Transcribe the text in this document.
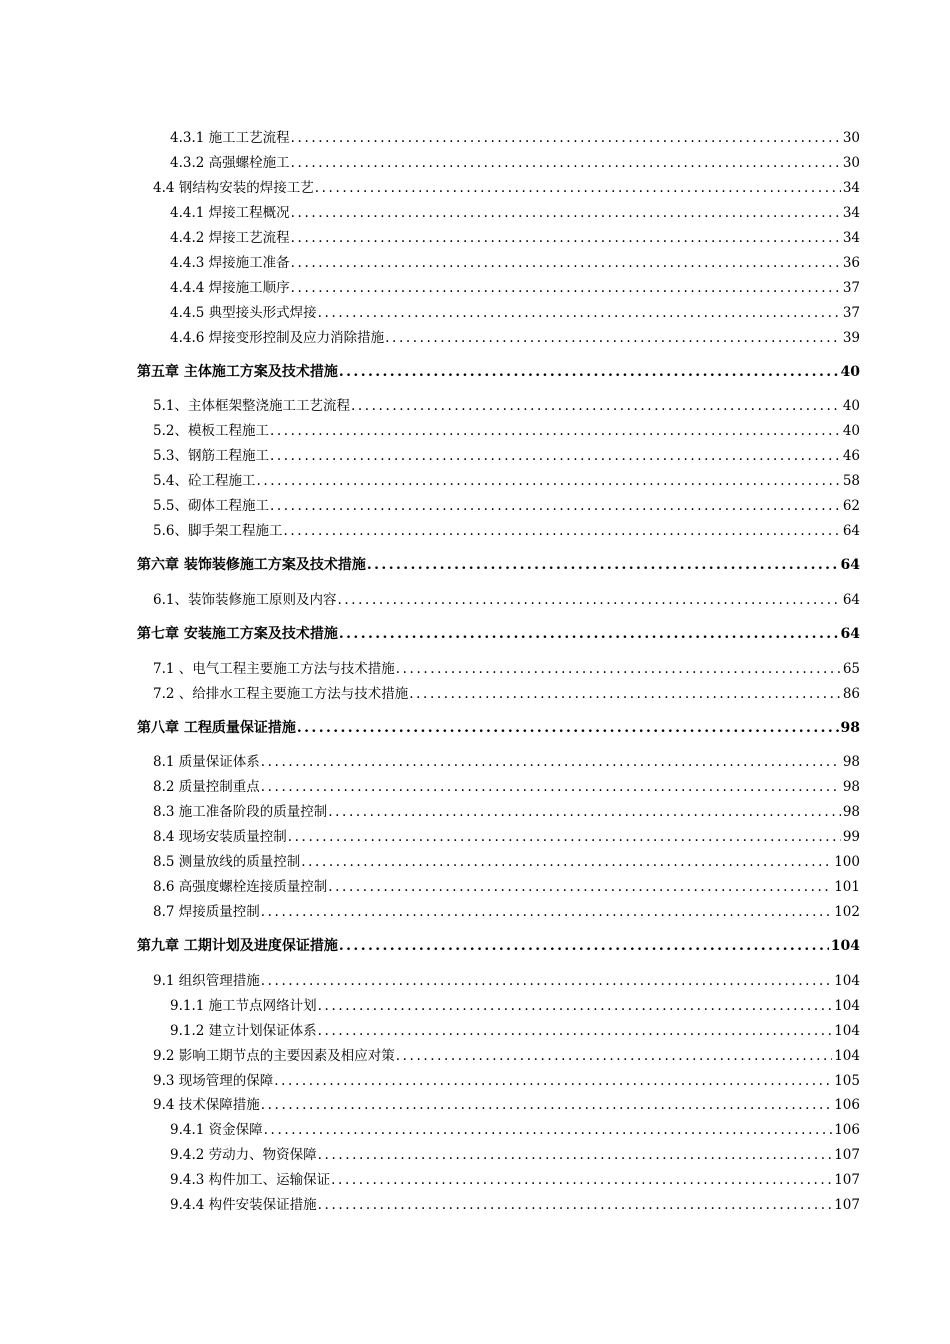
4.3.1 施工工艺流程 .....	30
4.3.2 高强螺栓施工 .....	30
4.4 钢结构安装的焊接工艺 .....	34
4.4.1 焊接工程概况 .....	34
4.4.2 焊接工艺流程 .....	34
4.4.3 焊接施工准备 .....	36
4.4.4 焊接施工顺序 .....	37
4.4.5 典型接头形式焊接 .....	37
4.4.6 焊接变形控制及应力消除措施 .....	39
第五章 主体施工方案及技术措施 .....	40
5.1、主体框架整浇施工工艺流程 .....	40
5.2、模板工程施工 .....	40
5.3、钢筋工程施工 .....	46
5.4、砼工程施工 .....	58
5.5、砌体工程施工 .....	62
5.6、脚手架工程施工 .....	64
第六章 装饰装修施工方案及技术措施 .....	64
6.1、装饰装修施工原则及内容 .....	64
第七章 安装施工方案及技术措施 .....	64
7.1 、电气工程主要施工方法与技术措施 .....	65
7.2 、给排水工程主要施工方法与技术措施 .....	86
第八章 工程质量保证措施 .....	98
8.1 质量保证体系 .....	98
8.2 质量控制重点 .....	98
8.3 施工准备阶段的质量控制 .....	98
8.4 现场安装质量控制 .....	99
8.5 测量放线的质量控制 .....	100
8.6 高强度螺栓连接质量控制 .....	101
8.7 焊接质量控制 .....	102
第九章 工期计划及进度保证措施 .....	104
9.1 组织管理措施 .....	104
9.1.1 施工节点网络计划 .....	104
9.1.2 建立计划保证体系 .....	104
9.2 影响工期节点的主要因素及相应对策 .....	104
9.3 现场管理的保障 .....	105
9.4 技术保障措施 .....	106
9.4.1 资金保障 .....	106
9.4.2 劳动力、物资保障 .....	107
9.4.3 构件加工、运输保证 .....	107
9.4.4 构件安装保证措施 .....	107
